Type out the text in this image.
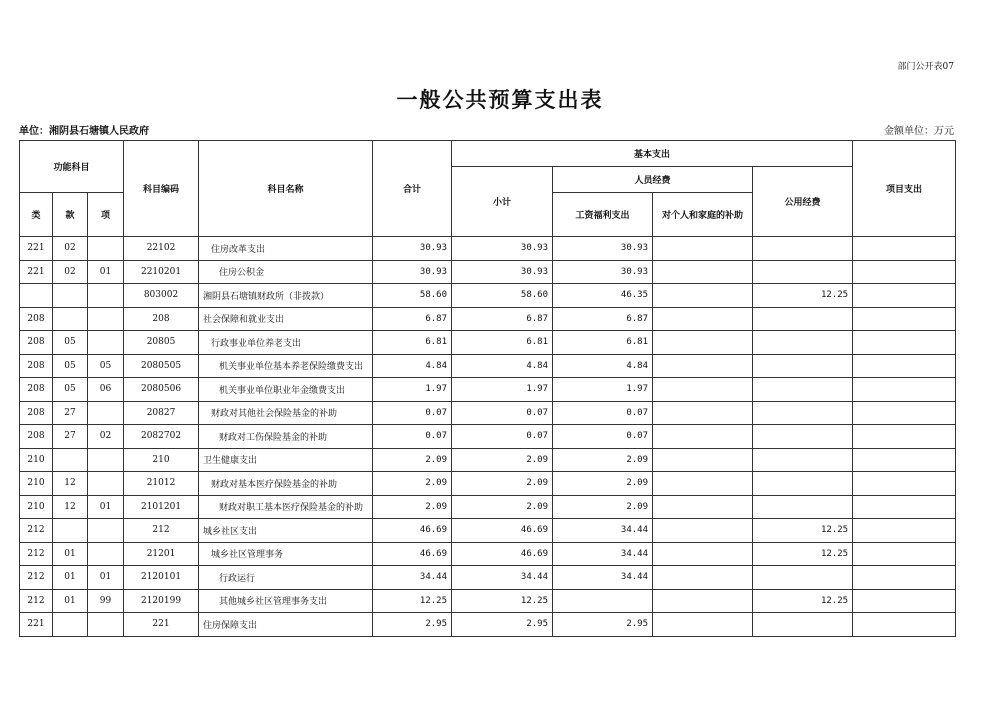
部门公开表07
一般公共预算支出表
单位：湘阴县石塘镇人民政府	金额单位：万元
功能科目			科目编码	科目名称	合计	基本支出				项目支出
						小计	人员经费		公用经费	
类	款	项					工资福利支出	对个人和家庭的补助		
221	02		22102	住房改革支出	30.93	30.93	30.93			
221	02	01	2210201	住房公积金	30.93	30.93	30.93			
			803002	湘阴县石塘镇财政所（非拨款）	58.60	58.60	46.35		12.25	
208			208	社会保障和就业支出	6.87	6.87	6.87			
208	05		20805	行政事业单位养老支出	6.81	6.81	6.81			
208	05	05	2080505	机关事业单位基本养老保险缴费支出	4.84	4.84	4.84			
208	05	06	2080506	机关事业单位职业年金缴费支出	1.97	1.97	1.97			
208	27		20827	财政对其他社会保险基金的补助	0.07	0.07	0.07			
208	27	02	2082702	财政对工伤保险基金的补助	0.07	0.07	0.07			
210			210	卫生健康支出	2.09	2.09	2.09			
210	12		21012	财政对基本医疗保险基金的补助	2.09	2.09	2.09			
210	12	01	2101201	财政对职工基本医疗保险基金的补助	2.09	2.09	2.09			
212			212	城乡社区支出	46.69	46.69	34.44		12.25	
212	01		21201	城乡社区管理事务	46.69	46.69	34.44		12.25	
212	01	01	2120101	行政运行	34.44	34.44	34.44			
212	01	99	2120199	其他城乡社区管理事务支出	12.25	12.25			12.25	
221			221	住房保障支出	2.95	2.95	2.95			
